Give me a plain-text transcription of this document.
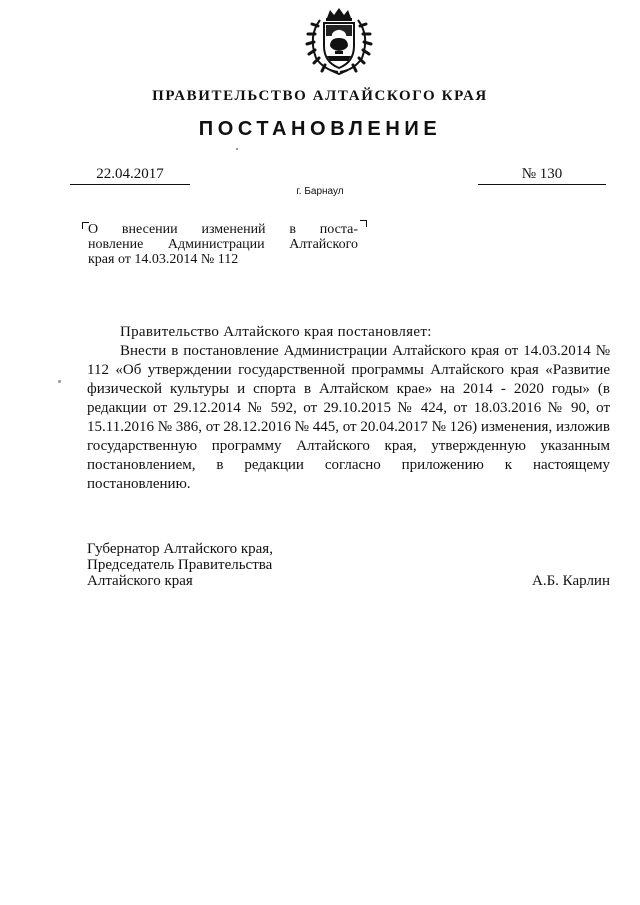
ПРАВИТЕЛЬСТВО АЛТАЙСКОГО КРАЯ
ПОСТАНОВЛЕНИЕ
22.04.2017	№ 130
г. Барнаул
О внесении изменений в поста-
новление Администрации Алтайского
края от 14.03.2014 № 112

Правительство Алтайского края постановляет:

Внести в постановление Администрации Алтайского края от 14.03.2014 № 112 «Об утверждении государственной программы Алтайского края «Развитие физической культуры и спорта в Алтайском крае» на 2014 - 2020 годы» (в редакции от 29.12.2014 № 592, от 29.10.2015 № 424, от 18.03.2016 № 90, от 15.11.2016 № 386, от 28.12.2016 № 445, от 20.04.2017 № 126) изменения, изложив государственную программу Алтайского края, утвержденную указанным постановлением, в редакции согласно приложению к настоящему постановлению.

Губернатор Алтайского края,
Председатель Правительства
Алтайского края	А.Б. Карлин
